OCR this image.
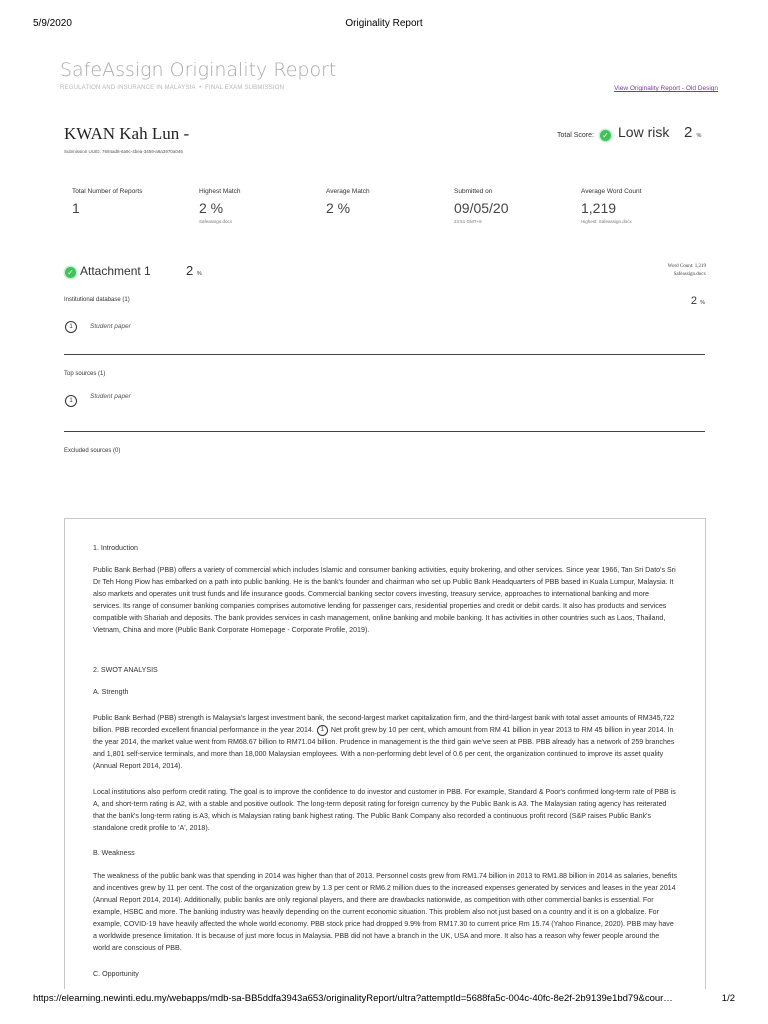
5/9/2020	Originality Report
SafeAssign Originality Report
REGULATION AND INSURANCE IN MALAYSIA • FINAL EXAM SUBMISSION	View Originality Report - Old Design
KWAN Kah Lun -
Submission UUID: 7694ad8-6a9c-4bea-3459-a9a3970a046
Total Score: ✓ Low risk 2 %
Total Number of Reports
1
Highest Match
2 %
Safeassign.docx
Average Match
2 %
Submitted on
09/05/20
23:51 GMT+8
Average Word Count
1,219
Highest: Safeassign.docx
✓ Attachment 1	2 %
Word Count: 1,219
Safeassign.docx
Institutional database (1)	2 %
1	Student paper
Top sources (1)
1
Student paper
Excluded sources (0)
1. Introduction
Public Bank Berhad (PBB) offers a variety of commercial which includes Islamic and consumer banking activities, equity brokering, and other services. Since year 1966, Tan Sri Dato's Sri Dr Teh Hong Piow has embarked on a path into public banking. He is the bank's founder and chairman who set up Public Bank Headquarters of PBB based in Kuala Lumpur, Malaysia. It also markets and operates unit trust funds and life insurance goods. Commercial banking sector covers investing, treasury service, approaches to international banking and more services. Its range of consumer banking companies comprises automotive lending for passenger cars, residential properties and credit or debit cards. It also has products and services compatible with Shariah and deposits. The bank provides services in cash management, online banking and mobile banking. It has activities in other countries such as Laos, Thailand, Vietnam, China and more (Public Bank Corporate Homepage - Corporate Profile, 2019).
2. SWOT ANALYSIS
A. Strength
Public Bank Berhad (PBB) strength is Malaysia's largest investment bank, the second-largest market capitalization firm, and the third-largest bank with total asset amounts of RM345,722 billion. PBB recorded excellent financial performance in the year 2014. 1 Net profit grew by 10 per cent, which amount from RM 41 billion in year 2013 to RM 45 billion in year 2014. In the year 2014, the market value went from RM68.67 billion to RM71.04 billion. Prudence in management is the third gain we've seen at PBB. PBB already has a network of 259 branches and 1,801 self-service terminals, and more than 18,000 Malaysian employees. With a non-performing debt level of 0.6 per cent, the organization continued to improve its asset quality (Annual Report 2014, 2014).
Local institutions also perform credit rating. The goal is to improve the confidence to do investor and customer in PBB. For example, Standard & Poor's confirmed long-term rate of PBB is A, and short-term rating is A2, with a stable and positive outlook. The long-term deposit rating for foreign currency by the Public Bank is A3. The Malaysian rating agency has reiterated that the bank's long-term rating is A3, which is Malaysian rating bank highest rating. The Public Bank Company also recorded a continuous profit record (S&P raises Public Bank's standalone credit profile to 'A', 2018).
B. Weakness
The weakness of the public bank was that spending in 2014 was higher than that of 2013. Personnel costs grew from RM1.74 billion in 2013 to RM1.88 billion in 2014 as salaries, benefits and incentives grew by 11 per cent. The cost of the organization grew by 1.3 per cent or RM6.2 million dues to the increased expenses generated by services and leases in the year 2014 (Annual Report 2014, 2014). Additionally, public banks are only regional players, and there are drawbacks nationwide, as competition with other commercial banks is essential. For example, HSBC and more. The banking industry was heavily depending on the current economic situation. This problem also not just based on a country and it is on a globalize. For example, COVID-19 have heavily affected the whole world economy. PBB stock price had dropped 9.9% from RM17.30 to current price Rm 15.74 (Yahoo Finance, 2020). PBB may have a worldwide presence limitation. It is because of just more focus in Malaysia. PBB did not have a branch in the UK, USA and more. It also has a reason why fewer people around the world are conscious of PBB.
C. Opportunity
https://elearning.newinti.edu.my/webapps/mdb-sa-BB5ddfa3943a653/originalityReport/ultra?attemptId=5688fa5c-004c-40fc-8e2f-2b9139e1bd79&cour…	1/2
